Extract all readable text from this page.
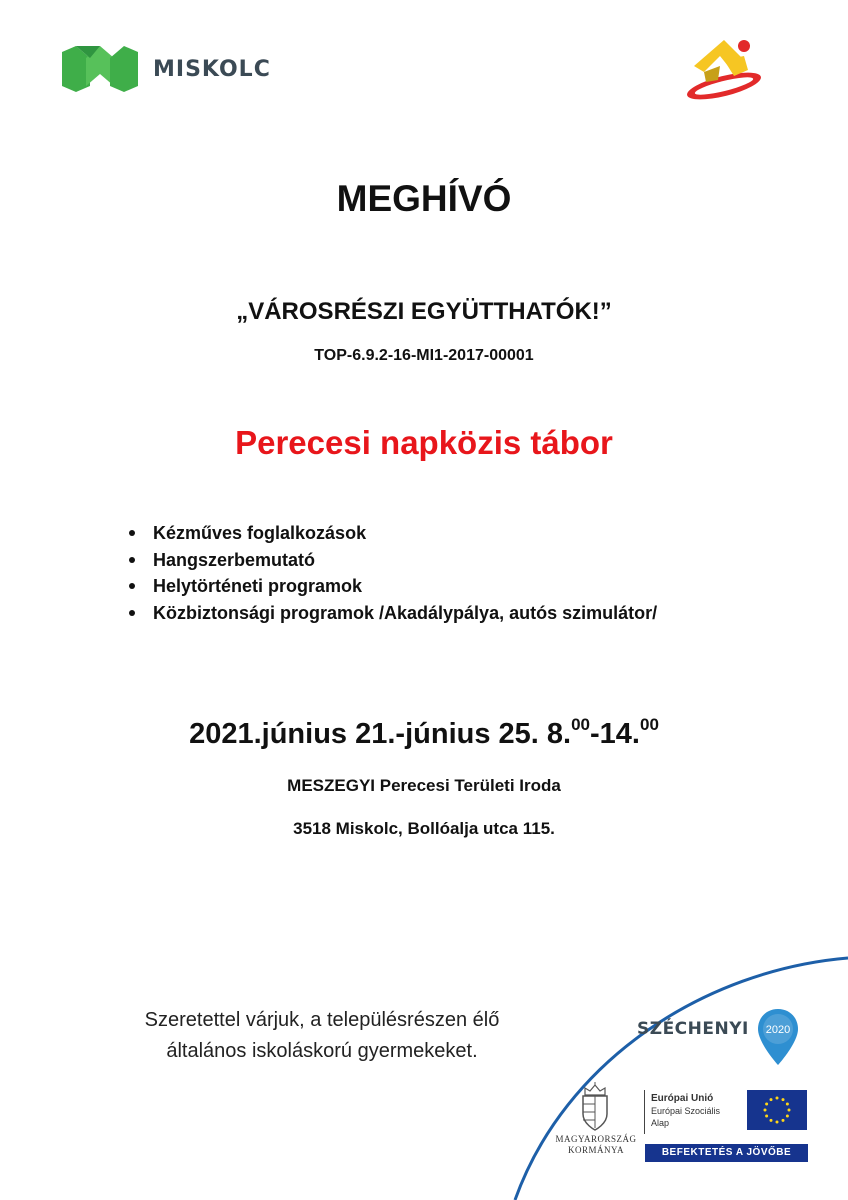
MISKOLC
MEGHÍVÓ
„VÁROSRÉSZI EGYÜTTHATÓK!”
TOP-6.9.2-16-MI1-2017-00001
Perecesi napközis tábor
Kézműves foglalkozások
Hangszerbemutató
Helytörténeti programok
Közbiztonsági programok /Akadálypálya, autós szimulátor/
2021.június 21.-június 25. 8.00-14.00
MESZEGYI Perecesi Területi Iroda
3518 Miskolc, Bollóalja utca 115.
Szeretettel várjuk, a településrészen élő
általános iskoláskorú gyermekeket.
SZÉCHENYI 2020
MAGYARORSZÁG
KORMÁNYA
Európai Unió
Európai Szociális
Alap
BEFEKTETÉS A JÖVŐBE
